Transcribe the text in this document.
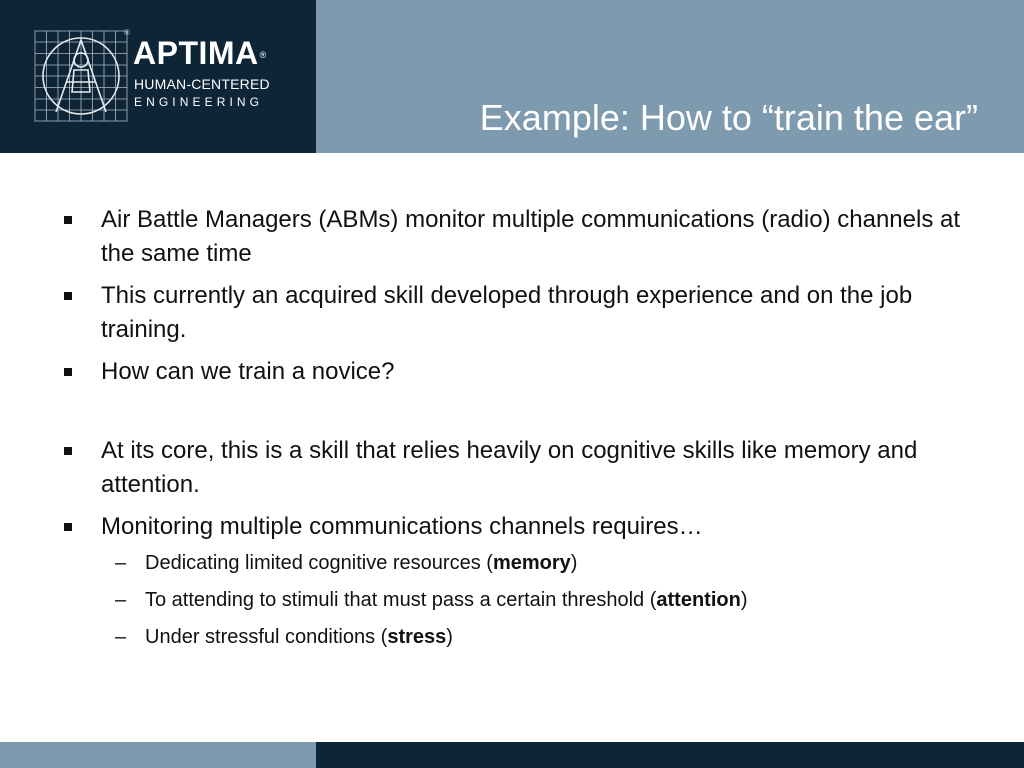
®
APTIMA®
HUMAN-CENTERED
ENGINEERING	Example: How to “train the ear”
Air Battle Managers (ABMs) monitor multiple communications (radio) channels at the same time
This currently an acquired skill developed through experience and on the job training.
How can we train a novice?
At its core, this is a skill that relies heavily on cognitive skills like memory and attention.
Monitoring multiple communications channels requires…
– Dedicating limited cognitive resources (memory)
– To attending to stimuli that must pass a certain threshold (attention)
– Under stressful conditions (stress)
